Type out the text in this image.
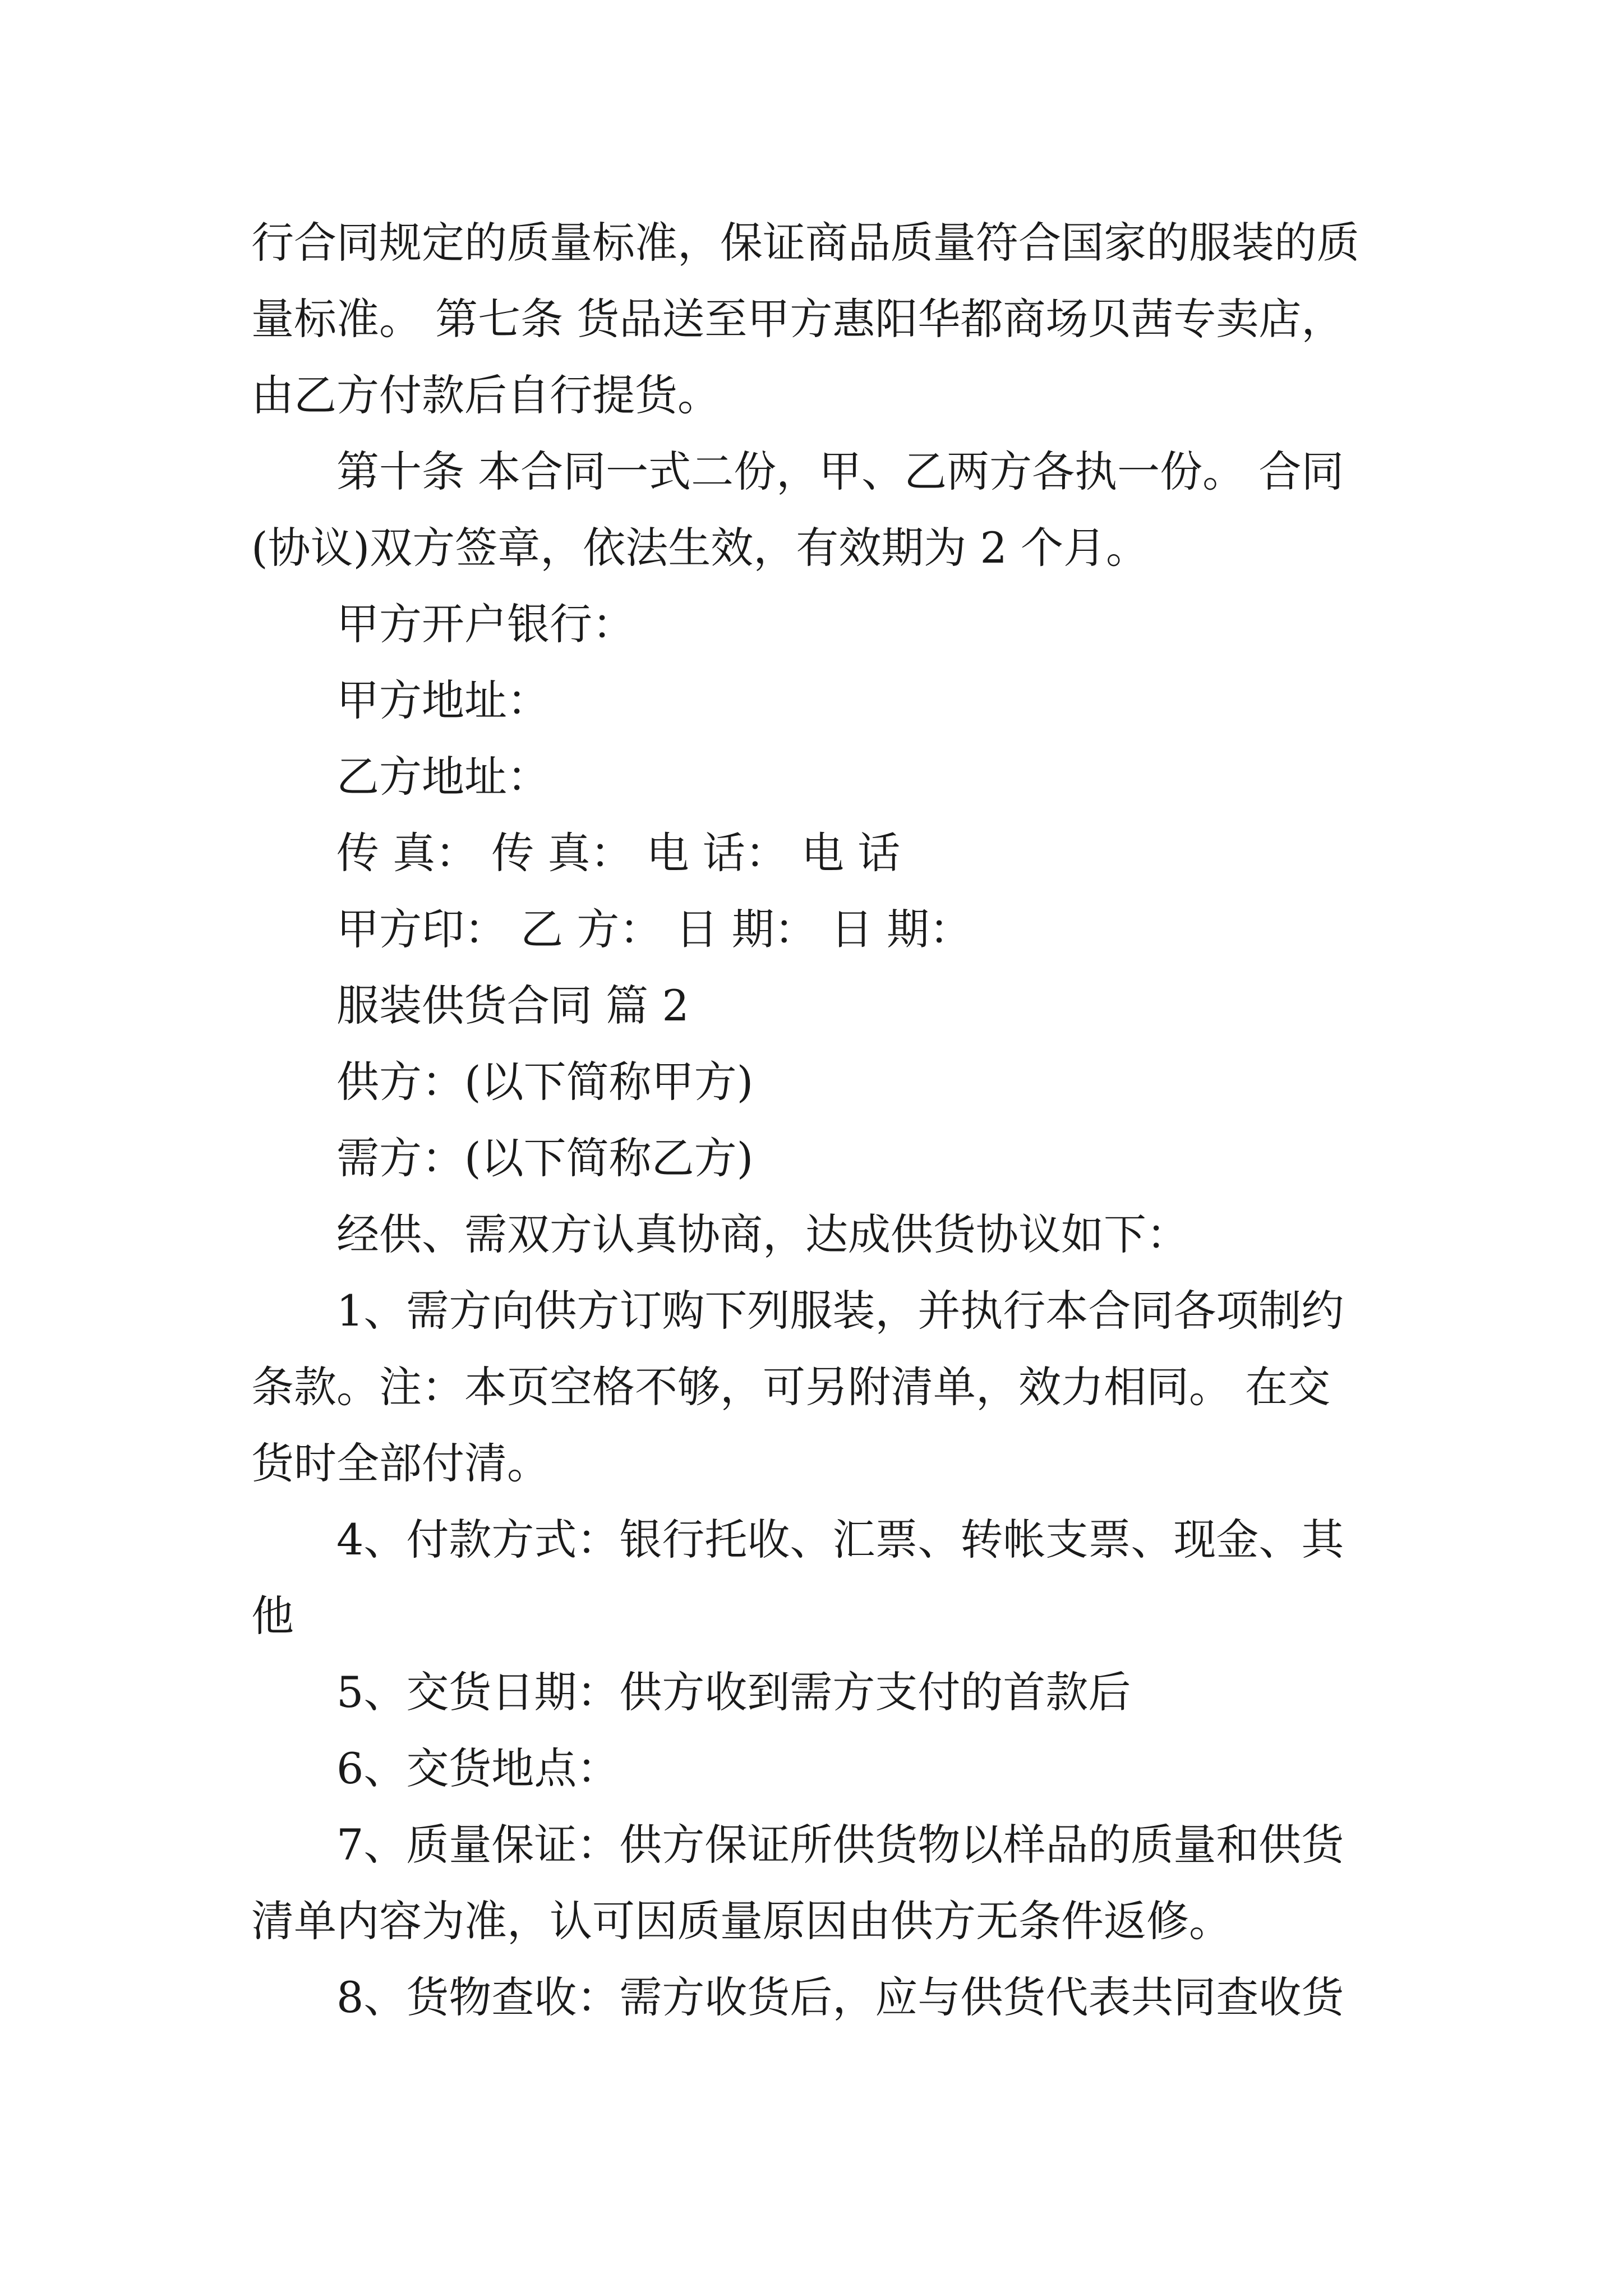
行合同规定的质量标准，保证商品质量符合国家的服装的质
量标准。 第七条 货品送至甲方惠阳华都商场贝茜专卖店，
由乙方付款后自行提货。
第十条 本合同一式二份，甲、乙两方各执一份。 合同
(协议)双方签章，依法生效，有效期为 2 个月。
甲方开户银行：
甲方地址：
乙方地址：
传 真： 传 真： 电 话： 电 话
甲方印： 乙 方： 日 期： 日 期：
服装供货合同 篇 2
供方：(以下简称甲方)
需方：(以下简称乙方)
经供、需双方认真协商，达成供货协议如下：
1、需方向供方订购下列服装，并执行本合同各项制约
条款。注：本页空格不够，可另附清单，效力相同。 在交
货时全部付清。
4、付款方式：银行托收、汇票、转帐支票、现金、其
他
5、交货日期：供方收到需方支付的首款后
6、交货地点：
7、质量保证：供方保证所供货物以样品的质量和供货
清单内容为准，认可因质量原因由供方无条件返修。
8、货物查收：需方收货后，应与供货代表共同查收货
